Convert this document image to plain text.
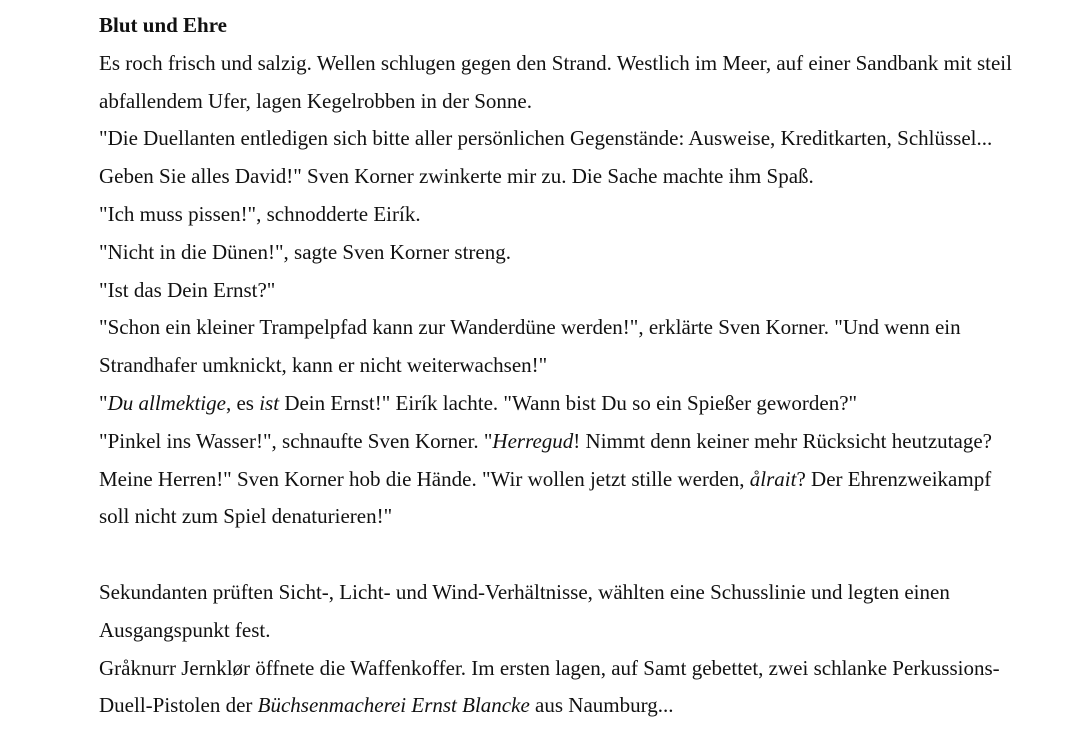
Blut und Ehre

Es roch frisch und salzig. Wellen schlugen gegen den Strand. Westlich im Meer, auf einer Sandbank mit steil abfallendem Ufer, lagen Kegelrobben in der Sonne.

"Die Duellanten entledigen sich bitte aller persönlichen Gegenstände: Ausweise, Kreditkarten, Schlüssel... Geben Sie alles David!" Sven Korner zwinkerte mir zu. Die Sache machte ihm Spaß.

"Ich muss pissen!", schnodderte Eirík.

"Nicht in die Dünen!", sagte Sven Korner streng.

"Ist das Dein Ernst?"

"Schon ein kleiner Trampelpfad kann zur Wanderdüne werden!", erklärte Sven Korner. "Und wenn ein Strandhafer umknickt, kann er nicht weiterwachsen!"

"Du allmektige, es ist Dein Ernst!" Eirík lachte. "Wann bist Du so ein Spießer geworden?"

"Pinkel ins Wasser!", schnaufte Sven Korner. "Herregud! Nimmt denn keiner mehr Rücksicht heutzutage? Meine Herren!" Sven Korner hob die Hände. "Wir wollen jetzt stille werden, ålrait? Der Ehrenzweikampf soll nicht zum Spiel denaturieren!"

Sekundanten prüften Sicht-, Licht- und Wind-Verhältnisse, wählten eine Schusslinie und legten einen Ausgangspunkt fest.

Gråknurr Jernklør öffnete die Waffenkoffer. Im ersten lagen, auf Samt gebettet, zwei schlanke Perkussions-Duell-Pistolen der Büchsenmacherei Ernst Blancke aus Naumburg...
